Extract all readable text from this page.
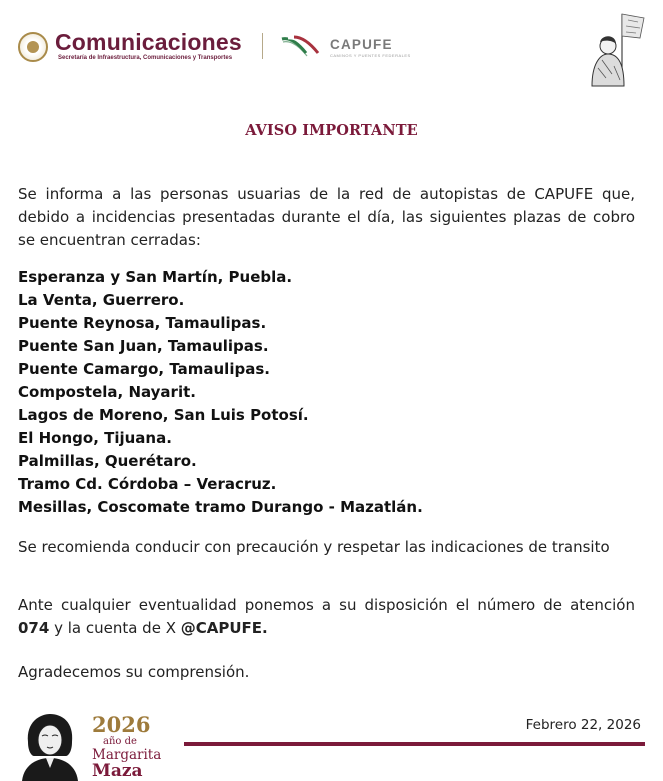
Comunicaciones
Secretaría de Infraestructura, Comunicaciones y Transportes
CAPUFE
CAMINOS Y PUENTES FEDERALES
AVISO IMPORTANTE
Se informa a las personas usuarias de la red de autopistas de CAPUFE que, debido a incidencias presentadas durante el día, las siguientes plazas de cobro se encuentran cerradas:
Esperanza y San Martín, Puebla.
La Venta, Guerrero.
Puente Reynosa, Tamaulipas.
Puente San Juan, Tamaulipas.
Puente Camargo, Tamaulipas.
Compostela, Nayarit.
Lagos de Moreno, San Luis Potosí.
El Hongo, Tijuana.
Palmillas, Querétaro.
Tramo Cd. Córdoba – Veracruz.
Mesillas, Coscomate tramo Durango - Mazatlán.
Se recomienda conducir con precaución y respetar las indicaciones de transito
Ante cualquier eventualidad ponemos a su disposición el número de atención 074 y la cuenta de X @CAPUFE.
Agradecemos su comprensión.
2026
año de
Margarita
Maza
Febrero 22, 2026
